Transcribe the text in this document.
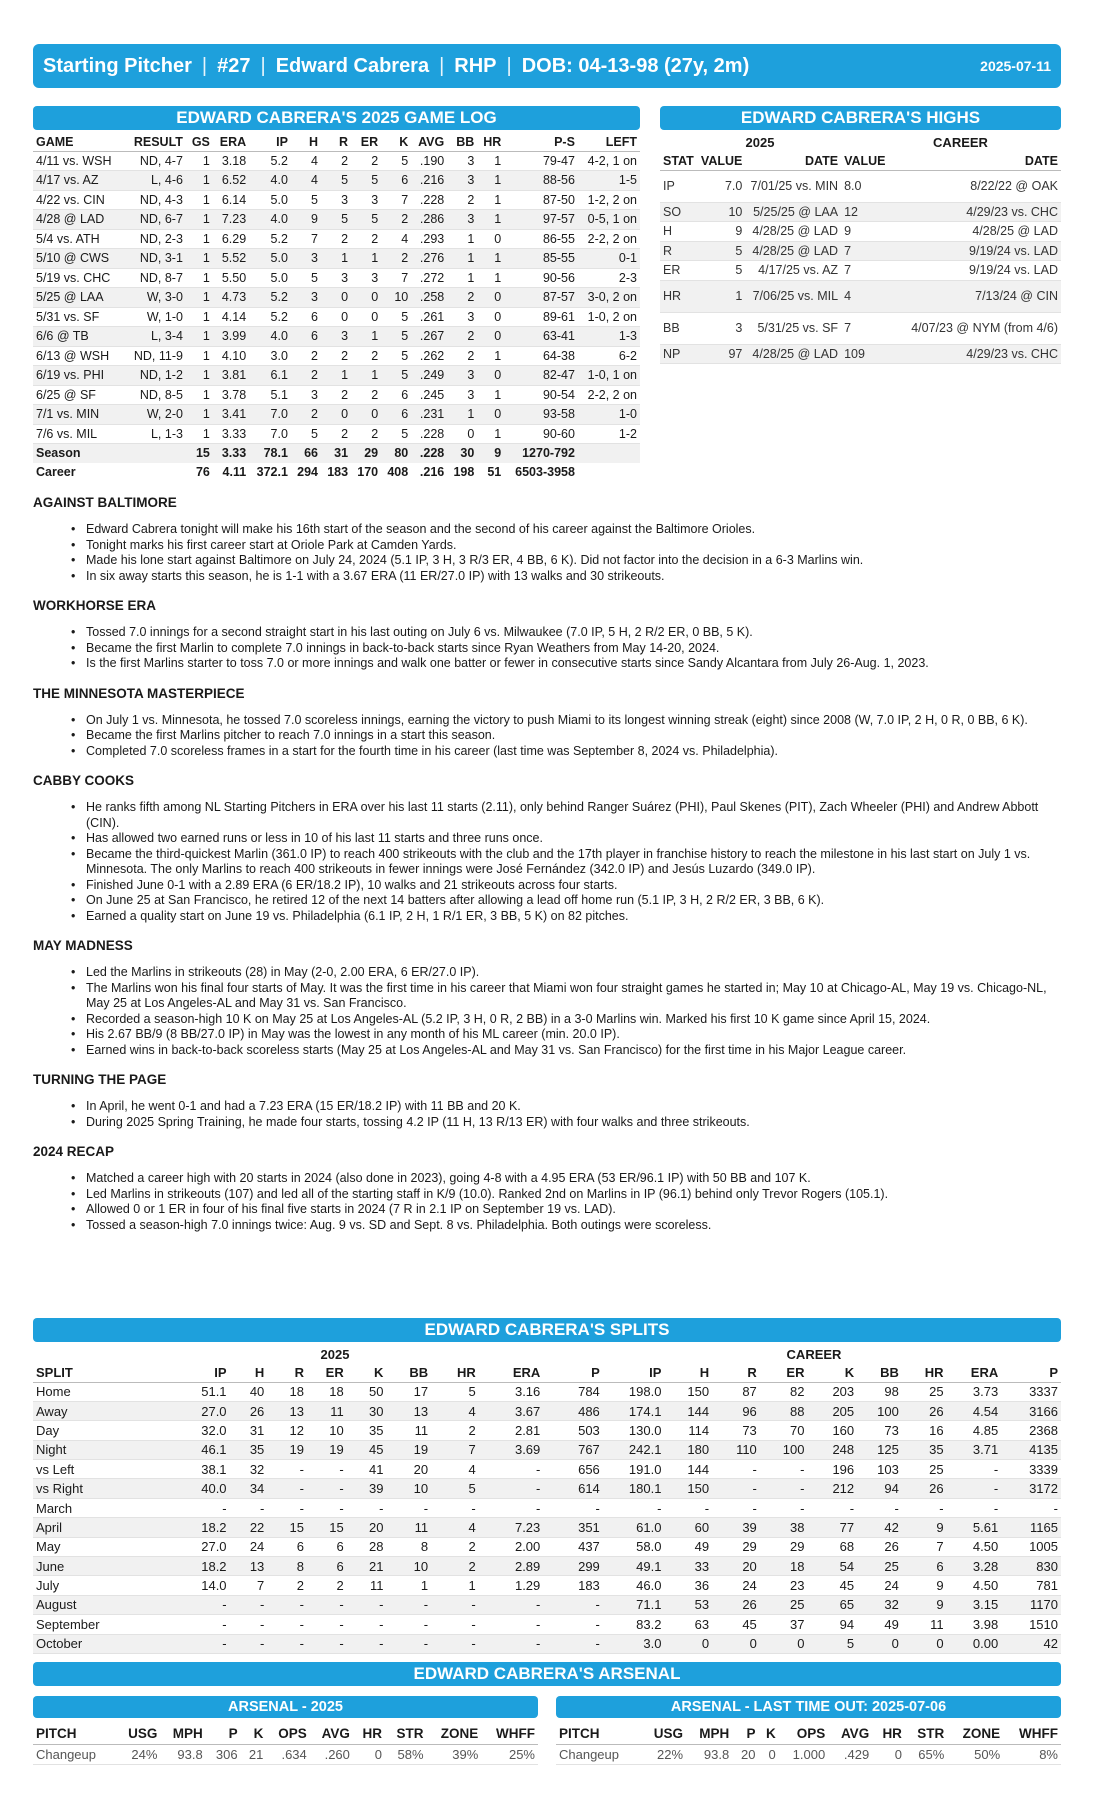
Starting Pitcher | #27 | Edward Cabrera | RHP | DOB: 04-13-98 (27y, 2m)	2025-07-11
EDWARD CABRERA'S 2025 GAME LOG
GAME	RESULT	GS	ERA	IP	H	R	ER	K	AVG	BB	HR	P-S	LEFT
4/11 vs. WSH	ND, 4-7	1	3.18	5.2	4	2	2	5	.190	3	1	79-47	4-2, 1 on
4/17 vs. AZ	L, 4-6	1	6.52	4.0	4	5	5	6	.216	3	1	88-56	1-5
4/22 vs. CIN	ND, 4-3	1	6.14	5.0	5	3	3	7	.228	2	1	87-50	1-2, 2 on
4/28 @ LAD	ND, 6-7	1	7.23	4.0	9	5	5	2	.286	3	1	97-57	0-5, 1 on
5/4 vs. ATH	ND, 2-3	1	6.29	5.2	7	2	2	4	.293	1	0	86-55	2-2, 2 on
5/10 @ CWS	ND, 3-1	1	5.52	5.0	3	1	1	2	.276	1	1	85-55	0-1
5/19 vs. CHC	ND, 8-7	1	5.50	5.0	5	3	3	7	.272	1	1	90-56	2-3
5/25 @ LAA	W, 3-0	1	4.73	5.2	3	0	0	10	.258	2	0	87-57	3-0, 2 on
5/31 vs. SF	W, 1-0	1	4.14	5.2	6	0	0	5	.261	3	0	89-61	1-0, 2 on
6/6 @ TB	L, 3-4	1	3.99	4.0	6	3	1	5	.267	2	0	63-41	1-3
6/13 @ WSH	ND, 11-9	1	4.10	3.0	2	2	2	5	.262	2	1	64-38	6-2
6/19 vs. PHI	ND, 1-2	1	3.81	6.1	2	1	1	5	.249	3	0	82-47	1-0, 1 on
6/25 @ SF	ND, 8-5	1	3.78	5.1	3	2	2	6	.245	3	1	90-54	2-2, 2 on
7/1 vs. MIN	W, 2-0	1	3.41	7.0	2	0	0	6	.231	1	0	93-58	1-0
7/6 vs. MIL	L, 1-3	1	3.33	7.0	5	2	2	5	.228	0	1	90-60	1-2
Season		15	3.33	78.1	66	31	29	80	.228	30	9	1270-792	
Career		76	4.11	372.1	294	183	170	408	.216	198	51	6503-3958	
EDWARD CABRERA'S HIGHS
2025	CAREER
STAT	VALUE	DATE	VALUE	DATE
IP	7.0	7/01/25 vs. MIN	8.0	8/22/22 @ OAK
SO	10	5/25/25 @ LAA	12	4/29/23 vs. CHC
H	9	4/28/25 @ LAD	9	4/28/25 @ LAD
R	5	4/28/25 @ LAD	7	9/19/24 vs. LAD
ER	5	4/17/25 vs. AZ	7	9/19/24 vs. LAD
HR	1	7/06/25 vs. MIL	4	7/13/24 @ CIN
BB	3	5/31/25 vs. SF	7	4/07/23 @ NYM (from 4/6)
NP	97	4/28/25 @ LAD	109	4/29/23 vs. CHC
AGAINST BALTIMORE
• Edward Cabrera tonight will make his 16th start of the season and the second of his career against the Baltimore Orioles.
• Tonight marks his first career start at Oriole Park at Camden Yards.
• Made his lone start against Baltimore on July 24, 2024 (5.1 IP, 3 H, 3 R/3 ER, 4 BB, 6 K). Did not factor into the decision in a 6-3 Marlins win.
• In six away starts this season, he is 1-1 with a 3.67 ERA (11 ER/27.0 IP) with 13 walks and 30 strikeouts.
WORKHORSE ERA
• Tossed 7.0 innings for a second straight start in his last outing on July 6 vs. Milwaukee (7.0 IP, 5 H, 2 R/2 ER, 0 BB, 5 K).
• Became the first Marlin to complete 7.0 innings in back-to-back starts since Ryan Weathers from May 14-20, 2024.
• Is the first Marlins starter to toss 7.0 or more innings and walk one batter or fewer in consecutive starts since Sandy Alcantara from July 26-Aug. 1, 2023.
THE MINNESOTA MASTERPIECE
• On July 1 vs. Minnesota, he tossed 7.0 scoreless innings, earning the victory to push Miami to its longest winning streak (eight) since 2008 (W, 7.0 IP, 2 H, 0 R, 0 BB, 6 K).
• Became the first Marlins pitcher to reach 7.0 innings in a start this season.
• Completed 7.0 scoreless frames in a start for the fourth time in his career (last time was September 8, 2024 vs. Philadelphia).
CABBY COOKS
• He ranks fifth among NL Starting Pitchers in ERA over his last 11 starts (2.11), only behind Ranger Suárez (PHI), Paul Skenes (PIT), Zach Wheeler (PHI) and Andrew Abbott (CIN).
• Has allowed two earned runs or less in 10 of his last 11 starts and three runs once.
• Became the third-quickest Marlin (361.0 IP) to reach 400 strikeouts with the club and the 17th player in franchise history to reach the milestone in his last start on July 1 vs. Minnesota. The only Marlins to reach 400 strikeouts in fewer innings were José Fernández (342.0 IP) and Jesús Luzardo (349.0 IP).
• Finished June 0-1 with a 2.89 ERA (6 ER/18.2 IP), 10 walks and 21 strikeouts across four starts.
• On June 25 at San Francisco, he retired 12 of the next 14 batters after allowing a lead off home run (5.1 IP, 3 H, 2 R/2 ER, 3 BB, 6 K).
• Earned a quality start on June 19 vs. Philadelphia (6.1 IP, 2 H, 1 R/1 ER, 3 BB, 5 K) on 82 pitches.
MAY MADNESS
• Led the Marlins in strikeouts (28) in May (2-0, 2.00 ERA, 6 ER/27.0 IP).
• The Marlins won his final four starts of May. It was the first time in his career that Miami won four straight games he started in; May 10 at Chicago-AL, May 19 vs. Chicago-NL, May 25 at Los Angeles-AL and May 31 vs. San Francisco.
• Recorded a season-high 10 K on May 25 at Los Angeles-AL (5.2 IP, 3 H, 0 R, 2 BB) in a 3-0 Marlins win. Marked his first 10 K game since April 15, 2024.
• His 2.67 BB/9 (8 BB/27.0 IP) in May was the lowest in any month of his ML career (min. 20.0 IP).
• Earned wins in back-to-back scoreless starts (May 25 at Los Angeles-AL and May 31 vs. San Francisco) for the first time in his Major League career.
TURNING THE PAGE
• In April, he went 0-1 and had a 7.23 ERA (15 ER/18.2 IP) with 11 BB and 20 K.
• During 2025 Spring Training, he made four starts, tossing 4.2 IP (11 H, 13 R/13 ER) with four walks and three strikeouts.
2024 RECAP
• Matched a career high with 20 starts in 2024 (also done in 2023), going 4-8 with a 4.95 ERA (53 ER/96.1 IP) with 50 BB and 107 K.
• Led Marlins in strikeouts (107) and led all of the starting staff in K/9 (10.0). Ranked 2nd on Marlins in IP (96.1) behind only Trevor Rogers (105.1).
• Allowed 0 or 1 ER in four of his final five starts in 2024 (7 R in 2.1 IP on September 19 vs. LAD).
• Tossed a season-high 7.0 innings twice: Aug. 9 vs. SD and Sept. 8 vs. Philadelphia. Both outings were scoreless.
EDWARD CABRERA'S SPLITS
2025	CAREER
SPLIT	IP	H	R	ER	K	BB	HR	ERA	P	IP	H	R	ER	K	BB	HR	ERA	P
Home	51.1	40	18	18	50	17	5	3.16	784	198.0	150	87	82	203	98	25	3.73	3337
Away	27.0	26	13	11	30	13	4	3.67	486	174.1	144	96	88	205	100	26	4.54	3166
Day	32.0	31	12	10	35	11	2	2.81	503	130.0	114	73	70	160	73	16	4.85	2368
Night	46.1	35	19	19	45	19	7	3.69	767	242.1	180	110	100	248	125	35	3.71	4135
vs Left	38.1	32	-	-	41	20	4	-	656	191.0	144	-	-	196	103	25	-	3339
vs Right	40.0	34	-	-	39	10	5	-	614	180.1	150	-	-	212	94	26	-	3172
March	-	-	-	-	-	-	-	-	-	-	-	-	-	-	-	-	-	-
April	18.2	22	15	15	20	11	4	7.23	351	61.0	60	39	38	77	42	9	5.61	1165
May	27.0	24	6	6	28	8	2	2.00	437	58.0	49	29	29	68	26	7	4.50	1005
June	18.2	13	8	6	21	10	2	2.89	299	49.1	33	20	18	54	25	6	3.28	830
July	14.0	7	2	2	11	1	1	1.29	183	46.0	36	24	23	45	24	9	4.50	781
August	-	-	-	-	-	-	-	-	-	71.1	53	26	25	65	32	9	3.15	1170
September	-	-	-	-	-	-	-	-	-	83.2	63	45	37	94	49	11	3.98	1510
October	-	-	-	-	-	-	-	-	-	3.0	0	0	0	5	0	0	0.00	42
EDWARD CABRERA'S ARSENAL
ARSENAL - 2025
PITCH	USG	MPH	P	K	OPS	AVG	HR	STR	ZONE	WHFF
Changeup	24%	93.8	306	21	.634	.260	0	58%	39%	25%
ARSENAL - LAST TIME OUT: 2025-07-06
PITCH	USG	MPH	P	K	OPS	AVG	HR	STR	ZONE	WHFF
Changeup	22%	93.8	20	0	1.000	.429	0	65%	50%	8%
